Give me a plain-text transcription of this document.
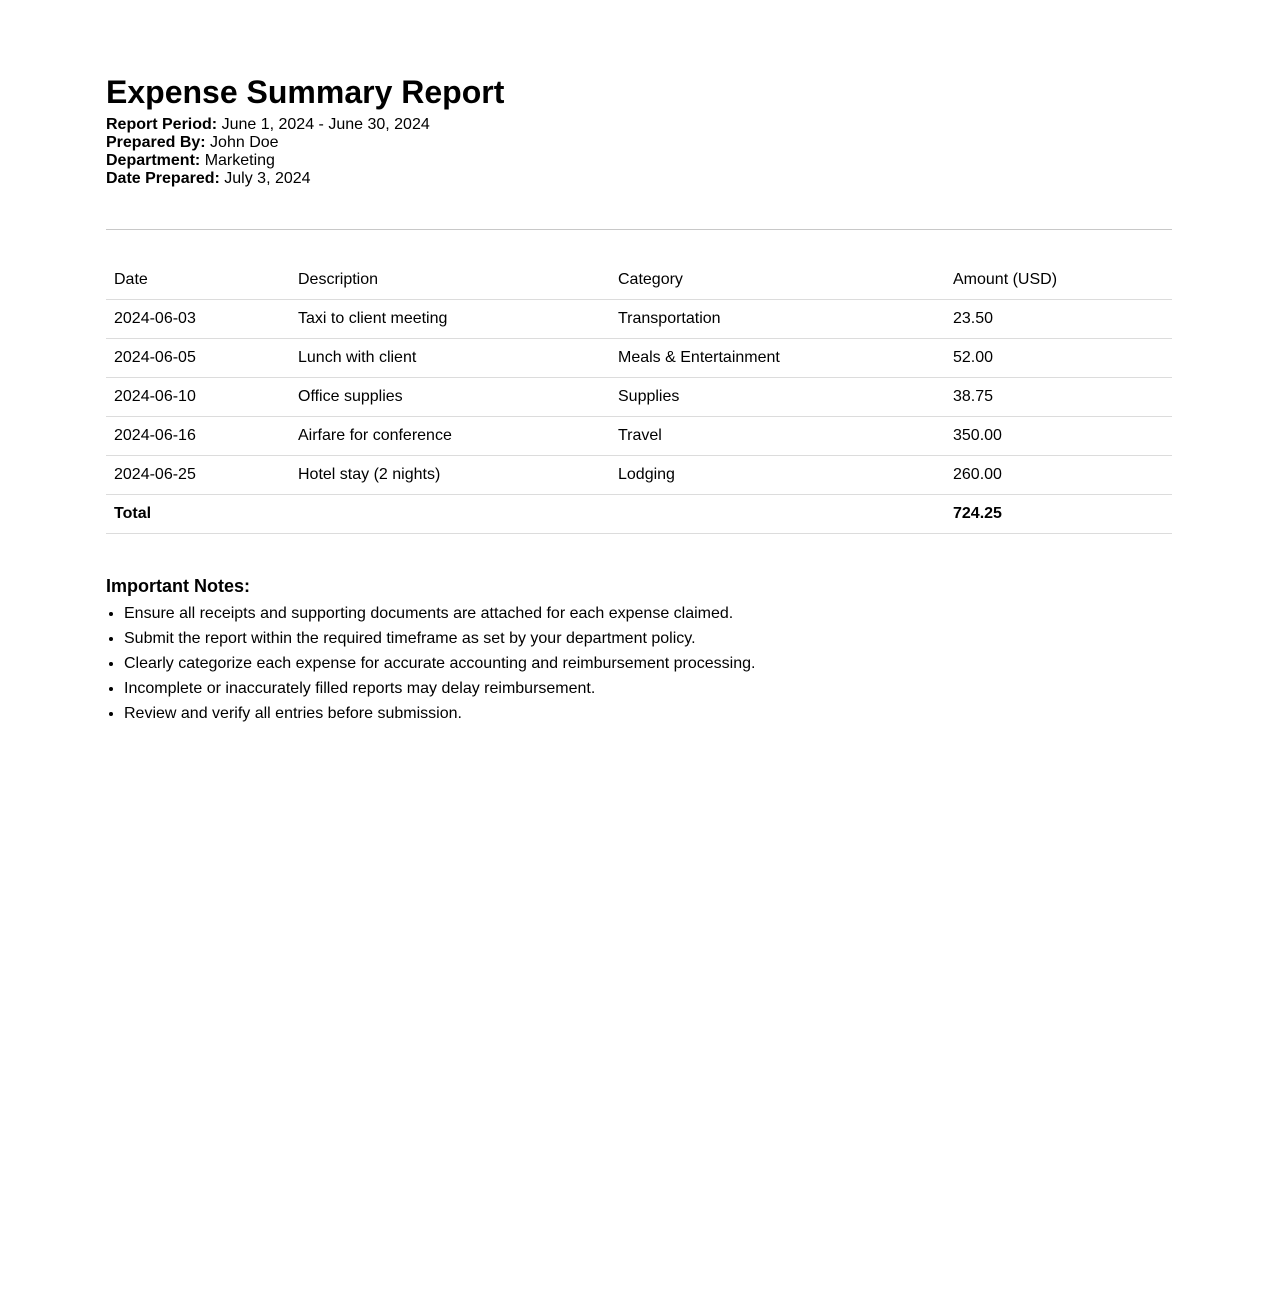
Expense Summary Report
Report Period: June 1, 2024 - June 30, 2024
Prepared By: John Doe
Department: Marketing
Date Prepared: July 3, 2024
Date	Description	Category	Amount (USD)
2024-06-03	Taxi to client meeting	Transportation	23.50
2024-06-05	Lunch with client	Meals & Entertainment	52.00
2024-06-10	Office supplies	Supplies	38.75
2024-06-16	Airfare for conference	Travel	350.00
2024-06-25	Hotel stay (2 nights)	Lodging	260.00
Total			724.25
Important Notes:
• Ensure all receipts and supporting documents are attached for each expense claimed.
• Submit the report within the required timeframe as set by your department policy.
• Clearly categorize each expense for accurate accounting and reimbursement processing.
• Incomplete or inaccurately filled reports may delay reimbursement.
• Review and verify all entries before submission.
